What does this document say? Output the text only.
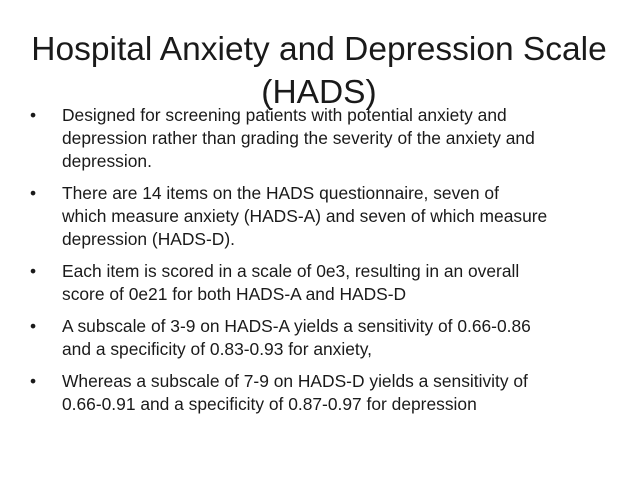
Hospital Anxiety and Depression Scale
(HADS)
•	Designed for screening patients with potential anxiety and
depression rather than grading the severity of the anxiety and
depression.
•	There are 14 items on the HADS questionnaire, seven of
which measure anxiety (HADS-A) and seven of which measure
depression (HADS-D).
•	Each item is scored in a scale of 0e3, resulting in an overall
score of 0e21 for both HADS-A and HADS-D
•	A subscale of 3-9 on HADS-A yields a sensitivity of 0.66-0.86
and a specificity of 0.83-0.93 for anxiety,
•	Whereas a subscale of 7-9 on HADS-D yields a sensitivity of
0.66-0.91 and a specificity of 0.87-0.97 for depression
